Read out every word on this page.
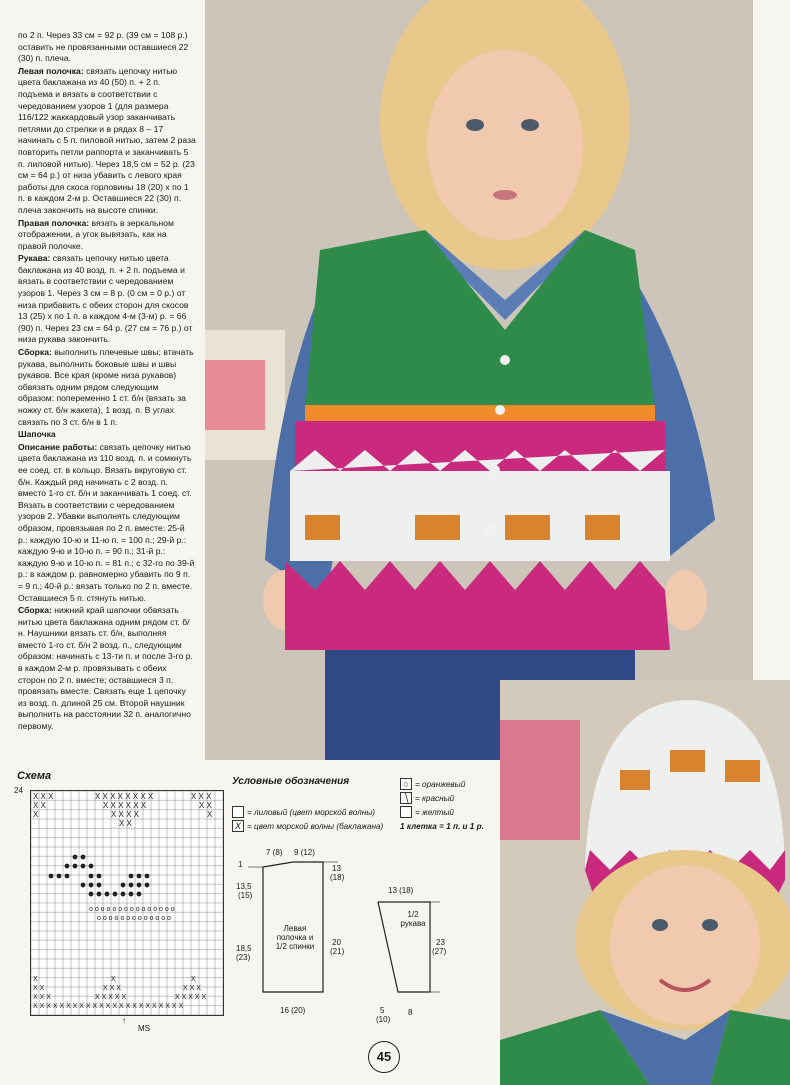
по 2 п. Через 33 см = 92 р. (39 см = 108 р.) оставить не провязанными оставшиеся 22 (30) п. плеча.

Левая полочка: связать цепочку нитью цвета баклажана из 40 (50) п. + 2 п. подъема и вязать в соответствии с чередованием узоров 1 (для размера 116/122 жаккардовый узор заканчивать петлями до стрелки и в рядах 8 – 17 начинать с 5 п. пиловой нитью, затем 2 раза повторить петли раппорта и заканчивать 5 п. лиловой нитью). Через 18,5 см = 52 р. (23 см = 64 р.) от низа убавить с левого края работы для скоса горловины 18 (20) х по 1 п. в каждом 2-м р. Оставшиеся 22 (30) п. плеча закончить на высоте спинки.

Правая полочка: вязать в зеркальном отображении, а угок вывязать, как на правой полочке.

Рукава: связать цепочку нитью цвета баклажана из 40 возд. п. + 2 п. подъема и вязать в соответствии с чередованием узоров 1. Через 3 см = 8 р. (0 см = 0 р.) от низа прибавить с обеих сторон для скосов 13 (25) х по 1 п. в каждом 4-м (3-м) р. = 66 (90) п. Через 23 см = 64 р. (27 см = 76 р.) от низа рукава закончить.

Сборка: выполнить плечевые швы; втачать рукава, выполнить боковые швы и швы рукавов. Все края (кроме низа рукавов) обвязать одним рядом следующим образом: попеременно 1 ст. б/н (вязать за ножку ст. б/н жакета), 1 возд. п. В углах связать по 3 ст. б/н в 1 п.

Шапочка

Описание работы: связать цепочку нитью цвета баклажана из 110 возд. п. и сомкнуть ее соед. ст. в кольцо. Вязать вкруговую ст. б/н. Каждый ряд начинать с 2 возд. п. вместо 1-го ст. б/н и заканчивать 1 соед. ст. Вязать в соответствии с чередованием узоров 2. Убавки выполнять следующим образом, провязывая по 2 п. вместе: 25-й р.: каждую 10-ю и 11-ю п. = 100 п.; 29-й р.: каждую 9-ю и 10-ю п. = 90 п.; 31-й р.: каждую 9-ю и 10-ю п. = 81 п.; с 32-го по 39-й р.: в каждом р. равномерно убавить по 9 п. = 9 п.; 40-й р.: вязать только по 2 п. вместе. Оставшиеся 5 п. стянуть нитью.

Сборка: нижний край шапочки обвязать нитью цвета баклажана одним рядом ст. б/н. Наушники вязать ст. б/н, выполняя вместо 1-го ст. б/н 2 возд. п., следующим образом: начинать с 13-ти п. и после 3-го р. в каждом 2-м р. провязывать с обеих сторон по 2 п. вместе; оставшиеся 3 п. провязать вместе. Связать еще 1 цепочку из возд. п. длиной 25 см. Второй наушник выполнить на расстоянии 32 п. аналогично первому.

Схема
24
X X X	X X X X X X X X	X X X
X X	X X X X X X	X X
X	X X X X	X
X X
o o o o o o o o o o o o o o o
o o o o o o o o o o o o o
X	X	X
X X	X X X	X X X
X X X	X X X X X	X X X X X
X X X X X X X X X X X X X X X X X X X X X X X
↑
MS
Условные обозначения
= лиловый (цвет морской волны)
X = цвет морской волны (баклажана)
○ = оранжевый
╲ = красный
= желтый
1 клетка = 1 п. и 1 р.
7 (8) 9 (12)
1
13,5
(15)
18,5
(23)
13
(18)
20
(21)
Левая
полочка и
1/2 спинки
16 (20)
13 (18)
1/2
рукава
23
(27)
5
(10)
8
45
